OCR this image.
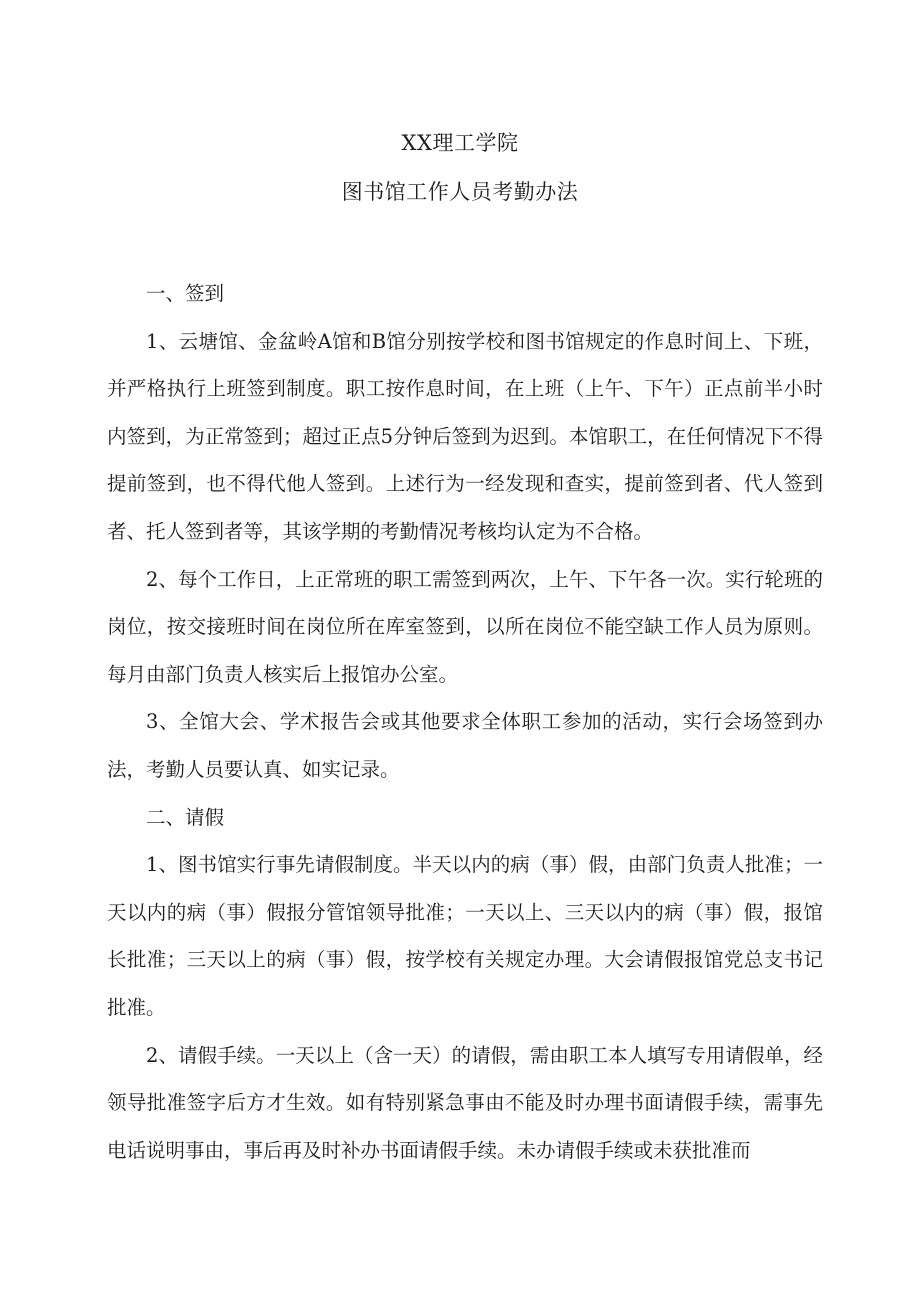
XX理工学院
图书馆工作人员考勤办法

一、签到

1、云塘馆、金盆岭A馆和B馆分别按学校和图书馆规定的作息时间上、下班，并严格执行上班签到制度。职工按作息时间，在上班（上午、下午）正点前半小时内签到，为正常签到；超过正点5分钟后签到为迟到。本馆职工，在任何情况下不得提前签到，也不得代他人签到。上述行为一经发现和查实，提前签到者、代人签到者、托人签到者等，其该学期的考勤情况考核均认定为不合格。

2、每个工作日，上正常班的职工需签到两次，上午、下午各一次。实行轮班的岗位，按交接班时间在岗位所在库室签到，以所在岗位不能空缺工作人员为原则。每月由部门负责人核实后上报馆办公室。

3、全馆大会、学术报告会或其他要求全体职工参加的活动，实行会场签到办法，考勤人员要认真、如实记录。

二、请假

1、图书馆实行事先请假制度。半天以内的病（事）假，由部门负责人批准；一天以内的病（事）假报分管馆领导批准；一天以上、三天以内的病（事）假，报馆长批准；三天以上的病（事）假，按学校有关规定办理。大会请假报馆党总支书记批准。

2、请假手续。一天以上（含一天）的请假，需由职工本人填写专用请假单，经领导批准签字后方才生效。如有特别紧急事由不能及时办理书面请假手续，需事先电话说明事由，事后再及时补办书面请假手续。未办请假手续或未获批准而
